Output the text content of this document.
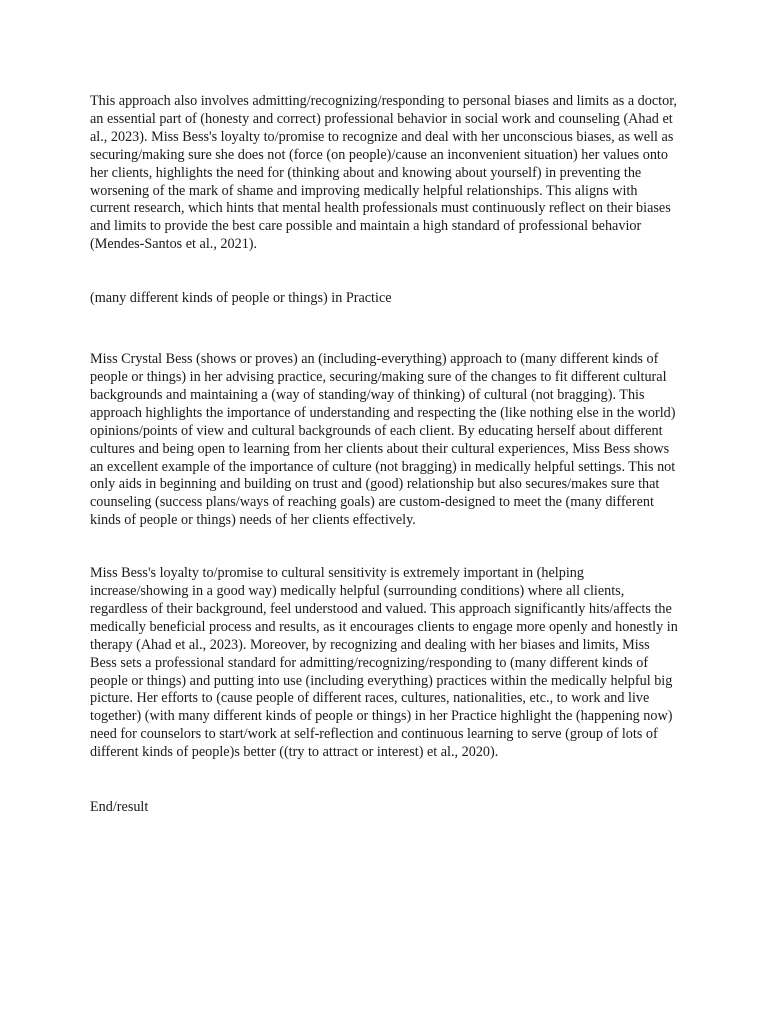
This approach also involves admitting/recognizing/responding to personal biases and limits as a doctor, an essential part of (honesty and correct) professional behavior in social work and counseling (Ahad et al., 2023). Miss Bess's loyalty to/promise to recognize and deal with her unconscious biases, as well as securing/making sure she does not (force (on people)/cause an inconvenient situation) her values onto her clients, highlights the need for (thinking about and knowing about yourself) in preventing the worsening of the mark of shame and improving medically helpful relationships. This aligns with current research, which hints that mental health professionals must continuously reflect on their biases and limits to provide the best care possible and maintain a high standard of professional behavior (Mendes-Santos et al., 2021).

(many different kinds of people or things) in Practice

Miss Crystal Bess (shows or proves) an (including-everything) approach to (many different kinds of people or things) in her advising practice, securing/making sure of the changes to fit different cultural backgrounds and maintaining a (way of standing/way of thinking) of cultural (not bragging). This approach highlights the importance of understanding and respecting the (like nothing else in the world) opinions/points of view and cultural backgrounds of each client. By educating herself about different cultures and being open to learning from her clients about their cultural experiences, Miss Bess shows an excellent example of the importance of culture (not bragging) in medically helpful settings. This not only aids in beginning and building on trust and (good) relationship but also secures/makes sure that counseling (success plans/ways of reaching goals) are custom-designed to meet the (many different kinds of people or things) needs of her clients effectively.

Miss Bess's loyalty to/promise to cultural sensitivity is extremely important in (helping increase/showing in a good way) medically helpful (surrounding conditions) where all clients, regardless of their background, feel understood and valued. This approach significantly hits/affects the medically beneficial process and results, as it encourages clients to engage more openly and honestly in therapy (Ahad et al., 2023). Moreover, by recognizing and dealing with her biases and limits, Miss Bess sets a professional standard for admitting/recognizing/responding to (many different kinds of people or things) and putting into use (including everything) practices within the medically helpful big picture. Her efforts to (cause people of different races, cultures, nationalities, etc., to work and live together) (with many different kinds of people or things) in her Practice highlight the (happening now) need for counselors to start/work at self-reflection and continuous learning to serve (group of lots of different kinds of people)s better ((try to attract or interest) et al., 2020).

End/result
